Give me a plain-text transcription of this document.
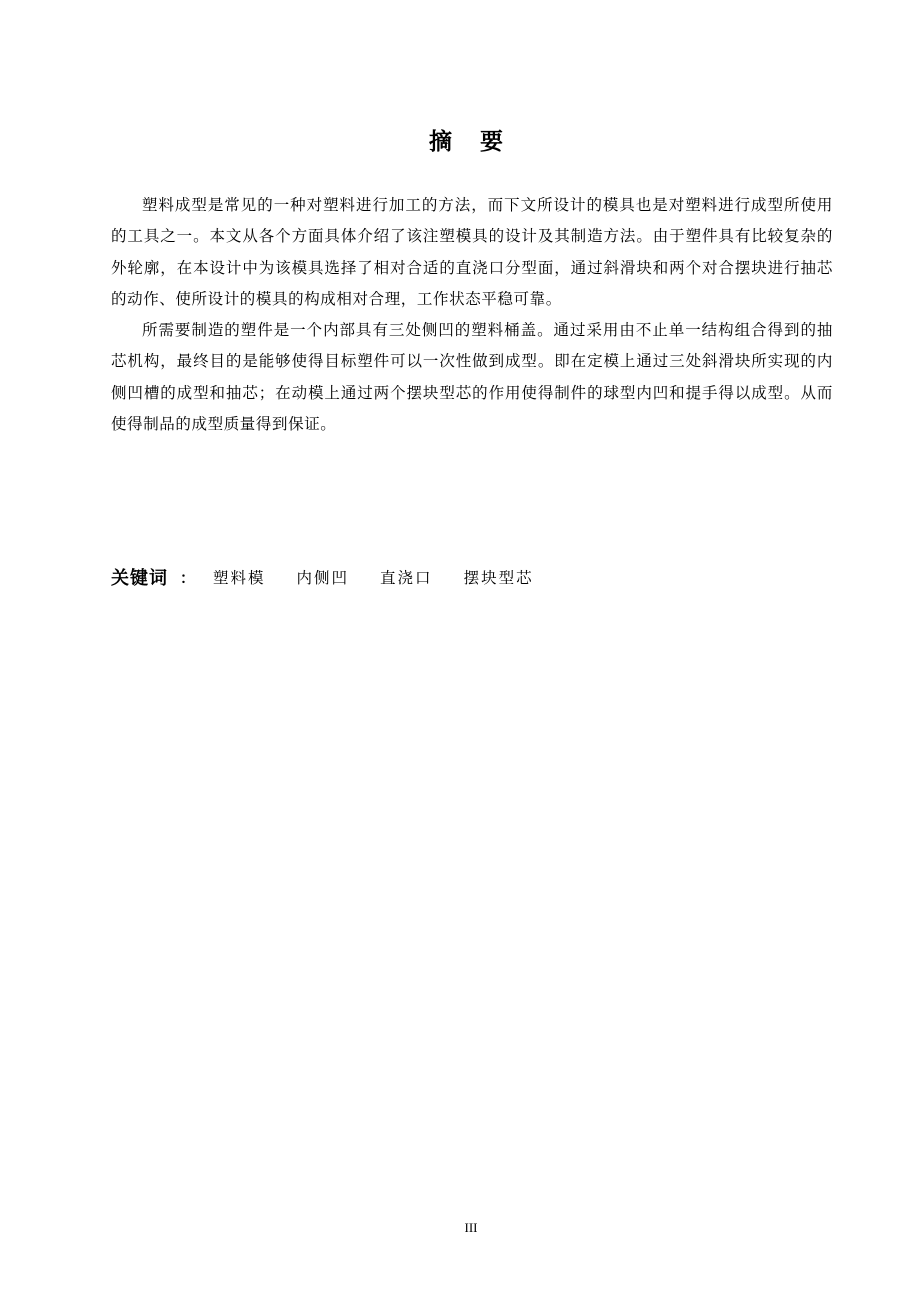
摘 要

塑料成型是常见的一种对塑料进行加工的方法，而下文所设计的模具也是对塑料进行成型所使用的工具之一。本文从各个方面具体介绍了该注塑模具的设计及其制造方法。由于塑件具有比较复杂的外轮廓，在本设计中为该模具选择了相对合适的直浇口分型面，通过斜滑块和两个对合摆块进行抽芯的动作、使所设计的模具的构成相对合理，工作状态平稳可靠。

所需要制造的塑件是一个内部具有三处侧凹的塑料桶盖。通过采用由不止单一结构组合得到的抽芯机构，最终目的是能够使得目标塑件可以一次性做到成型。即在定模上通过三处斜滑块所实现的内侧凹槽的成型和抽芯；在动模上通过两个摆块型芯的作用使得制件的球型内凹和提手得以成型。从而使得制品的成型质量得到保证。

关键词 ： 塑料模 内侧凹 直浇口 摆块型芯
III
